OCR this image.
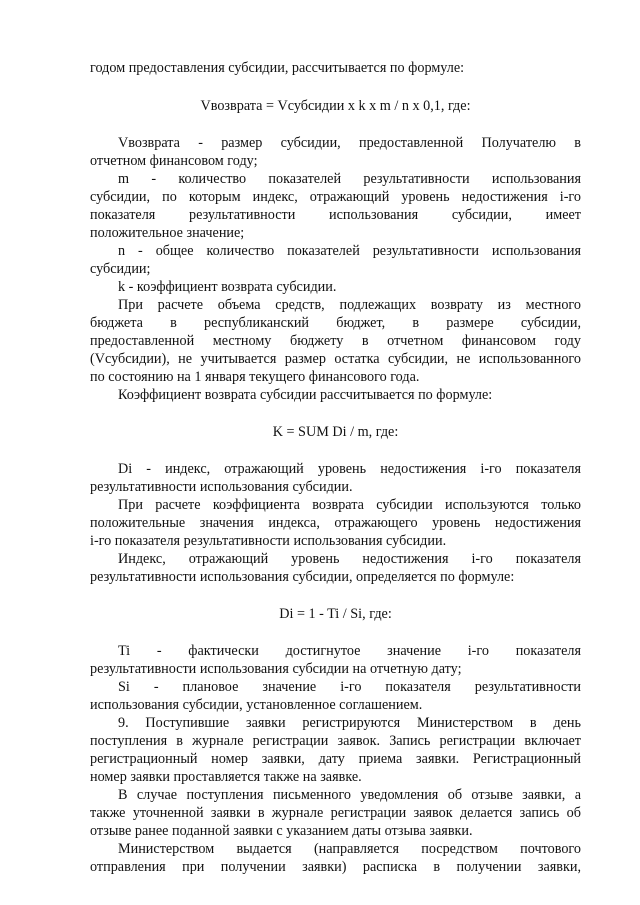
годом предоставления субсидии, рассчитывается по формуле:
Vвозврата = Vсубсидии x k x m / n x 0,1, где:
Vвозврата - размер субсидии, предоставленной Получателю в
отчетном финансовом году;
m - количество показателей результативности использования
субсидии, по которым индекс, отражающий уровень недостижения i-го
показателя результативности использования субсидии, имеет
положительное значение;
n - общее количество показателей результативности использования
субсидии;
k - коэффициент возврата субсидии.
При расчете объема средств, подлежащих возврату из местного
бюджета в республиканский бюджет, в размере субсидии,
предоставленной местному бюджету в отчетном финансовом году
(Vсубсидии), не учитывается размер остатка субсидии, не использованного
по состоянию на 1 января текущего финансового года.
Коэффициент возврата субсидии рассчитывается по формуле:
K = SUM Di / m, где:
Di - индекс, отражающий уровень недостижения i-го показателя
результативности использования субсидии.
При расчете коэффициента возврата субсидии используются только
положительные значения индекса, отражающего уровень недостижения
i-го показателя результативности использования субсидии.
Индекс, отражающий уровень недостижения i-го показателя
результативности использования субсидии, определяется по формуле:
Di = 1 - Ti / Si, где:
Ti - фактически достигнутое значение i-го показателя
результативности использования субсидии на отчетную дату;
Si - плановое значение i-го показателя результативности
использования субсидии, установленное соглашением.
9. Поступившие заявки регистрируются Министерством в день
поступления в журнале регистрации заявок. Запись регистрации включает
регистрационный номер заявки, дату приема заявки. Регистрационный
номер заявки проставляется также на заявке.
В случае поступления письменного уведомления об отзыве заявки, а
также уточненной заявки в журнале регистрации заявок делается запись об
отзыве ранее поданной заявки с указанием даты отзыва заявки.
Министерством выдается (направляется посредством почтового
отправления при получении заявки) расписка в получении заявки,
